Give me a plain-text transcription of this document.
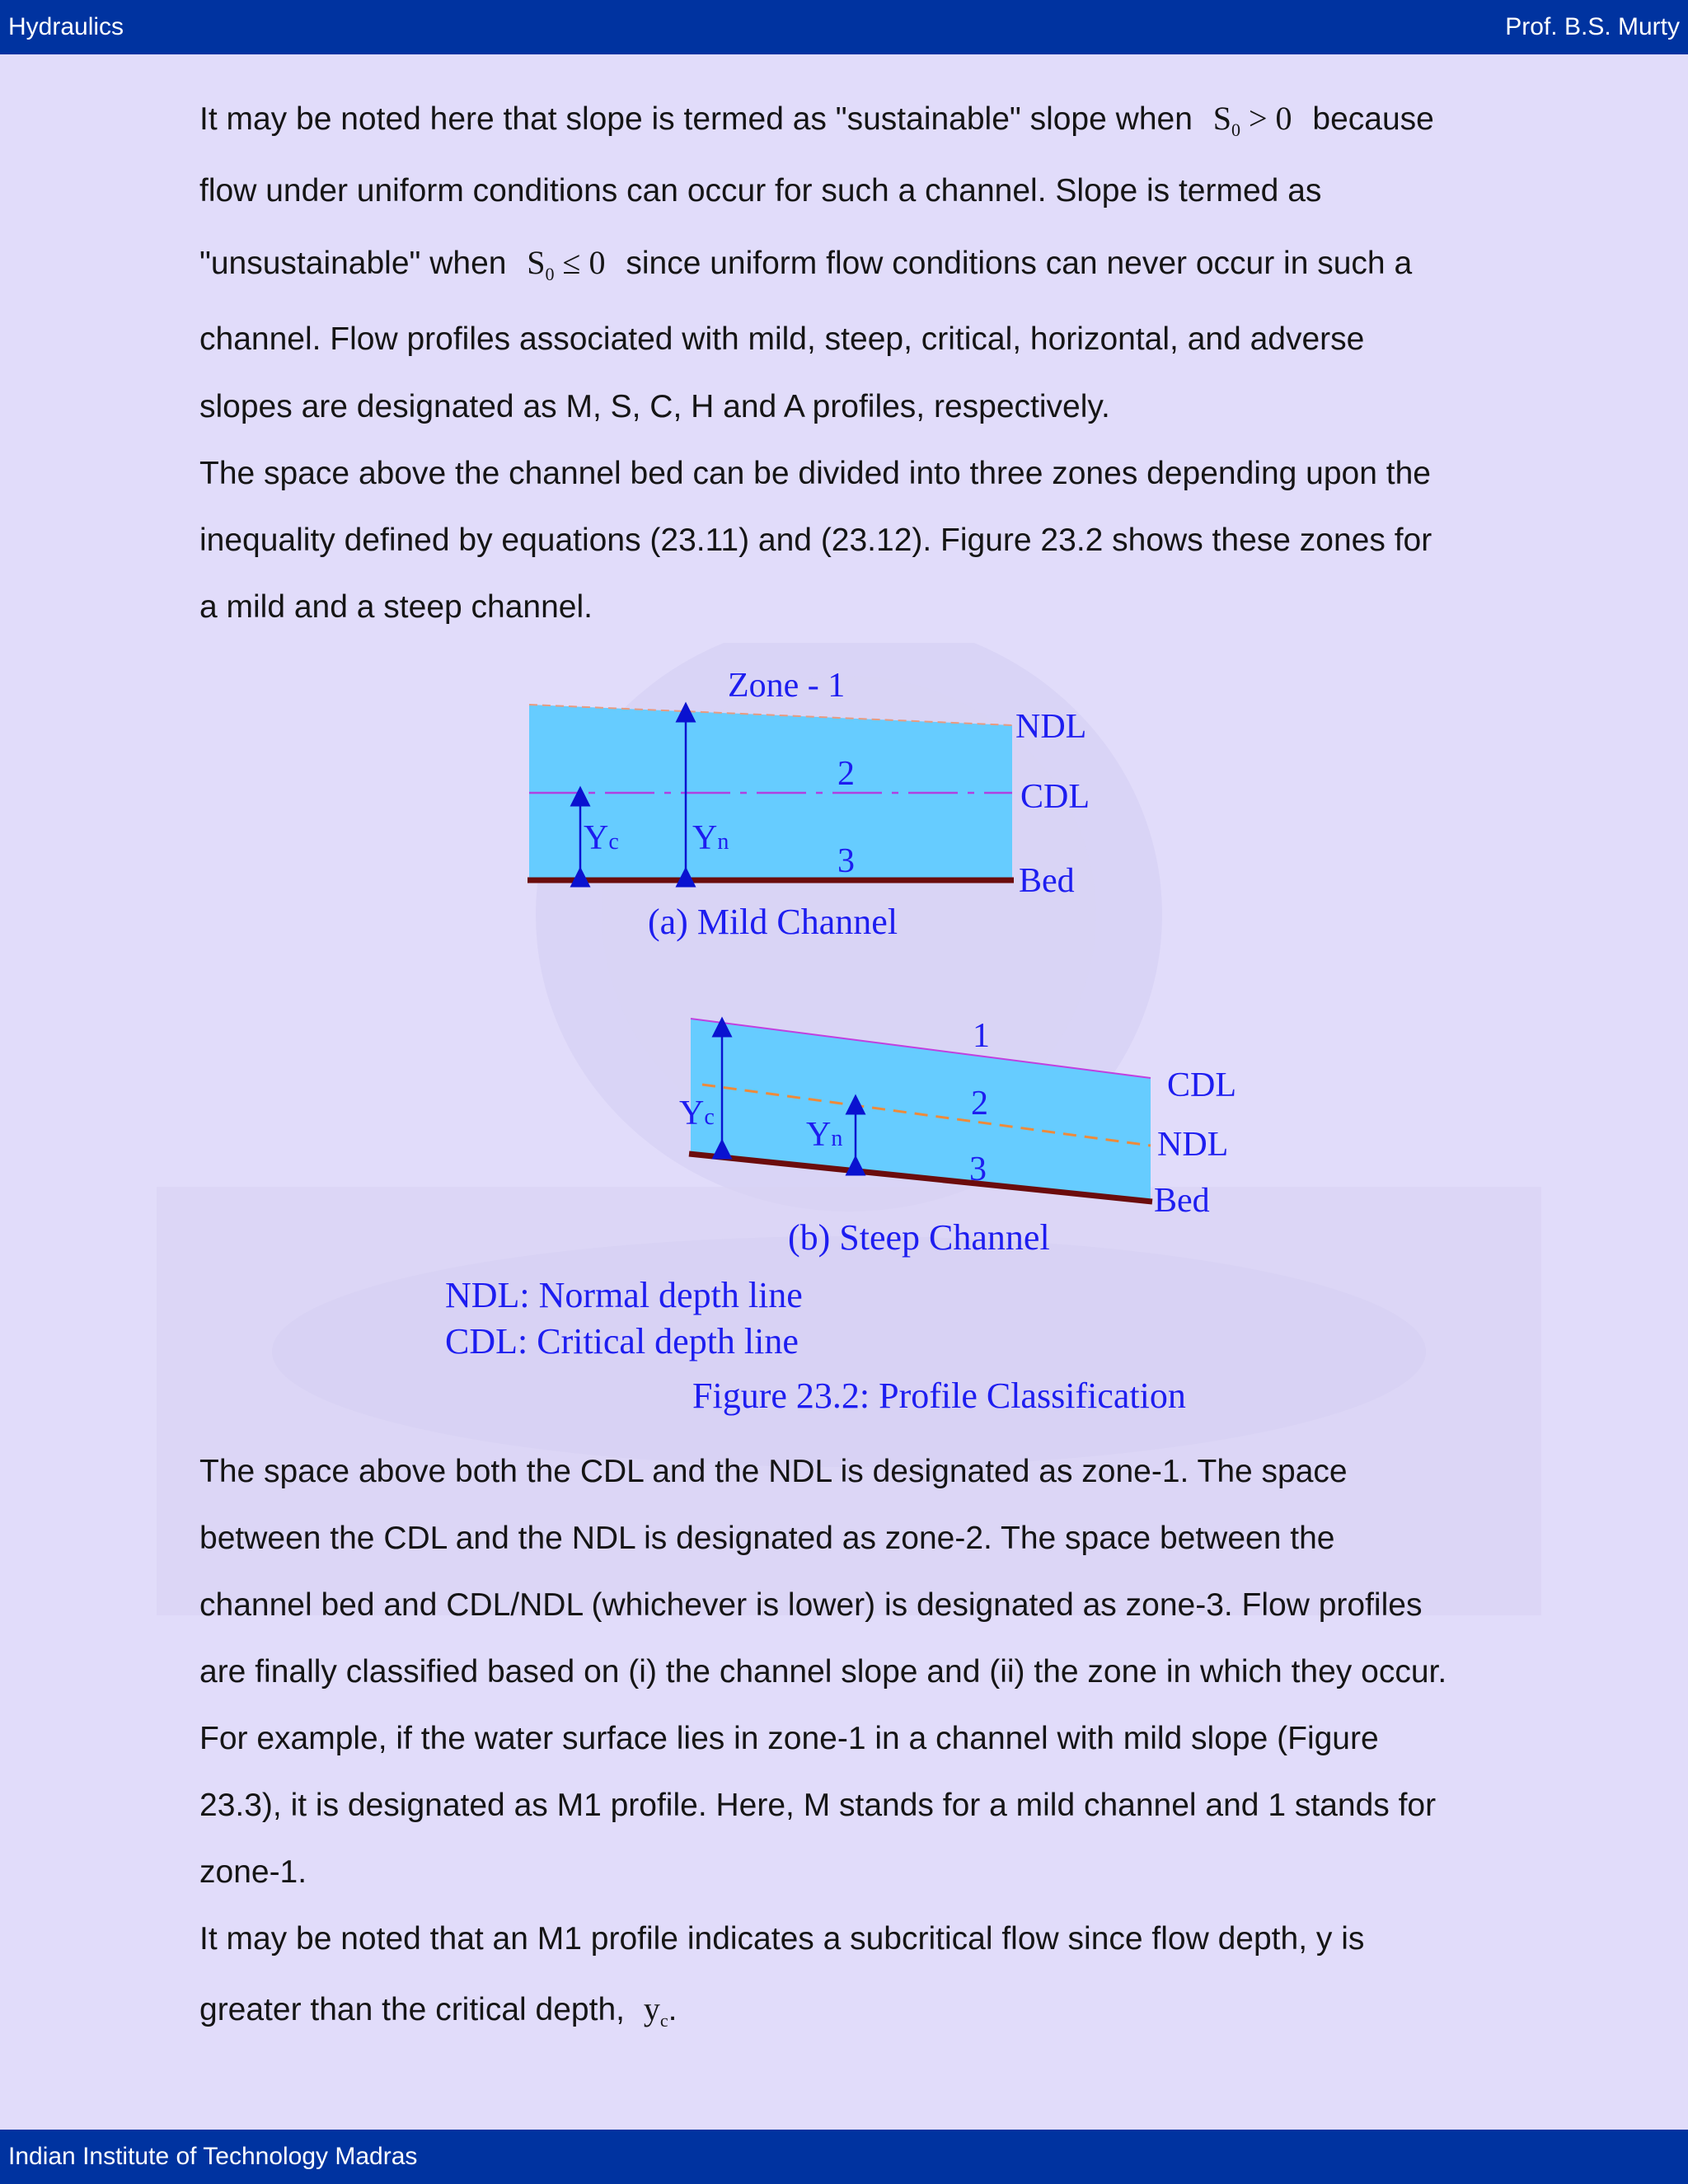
Hydraulics	Prof. B.S. Murty
It may be noted here that slope is termed as "sustainable" slope when $S_0 > 0$ because
flow under uniform conditions can occur for such a channel. Slope is termed as
"unsustainable" when $S_0 \le 0$ since uniform flow conditions can never occur in such a
channel. Flow profiles associated with mild, steep, critical, horizontal, and adverse
slopes are designated as M, S, C, H and A profiles, respectively.
The space above the channel bed can be divided into three zones depending upon the
inequality defined by equations (23.11) and (23.12). Figure 23.2 shows these zones for
a mild and a steep channel.
Zone - 1
NDL
CDL
Bed
2
3
Yc Yn
(a) Mild Channel
1
2
3
CDL
NDL
Bed
Yc	Yn
(b) Steep Channel
NDL: Normal depth line
CDL: Critical depth line
Figure 23.2: Profile Classification
The space above both the CDL and the NDL is designated as zone-1. The space
between the CDL and the NDL is designated as zone-2. The space between the
channel bed and CDL/NDL (whichever is lower) is designated as zone-3. Flow profiles
are finally classified based on (i) the channel slope and (ii) the zone in which they occur.
For example, if the water surface lies in zone-1 in a channel with mild slope (Figure
23.3), it is designated as M1 profile. Here, M stands for a mild channel and 1 stands for
zone-1.
It may be noted that an M1 profile indicates a subcritical flow since flow depth, y is
greater than the critical depth, $y_c$.
Indian Institute of Technology Madras
